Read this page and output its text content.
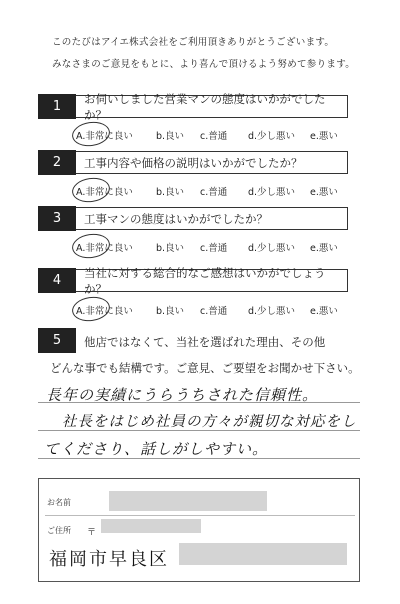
このたびはアイエ株式会社をご利用頂きありがとうございます。
みなさまのご意見をもとに、より喜んで頂けるよう努めて参ります。
1
お伺いしました営業マンの態度はいかがでしたか？
A.非常に良い b.良い c.普通 d.少し悪い e.悪い
2	工事内容や価格の説明はいかがでしたか？
A.非常に良い b.良い c.普通 d.少し悪い e.悪い
3	工事マンの態度はいかがでしたか？
A.非常に良い b.良い c.普通 d.少し悪い e.悪い
4
当社に対する総合的なご感想はいかがでしょうか？
A.非常に良い b.良い c.普通 d.少し悪い e.悪い
5	他店ではなくて、当社を選ばれた理由、その他
どんな事でも結構です。ご意見、ご要望をお聞かせ下さい。
長年の実績にうらうちされた信頼性。
社長をはじめ社員の方々が親切な対応をし
てくださり、話しがしやすい。
お名前
ご住所 〒
福岡市早良区
